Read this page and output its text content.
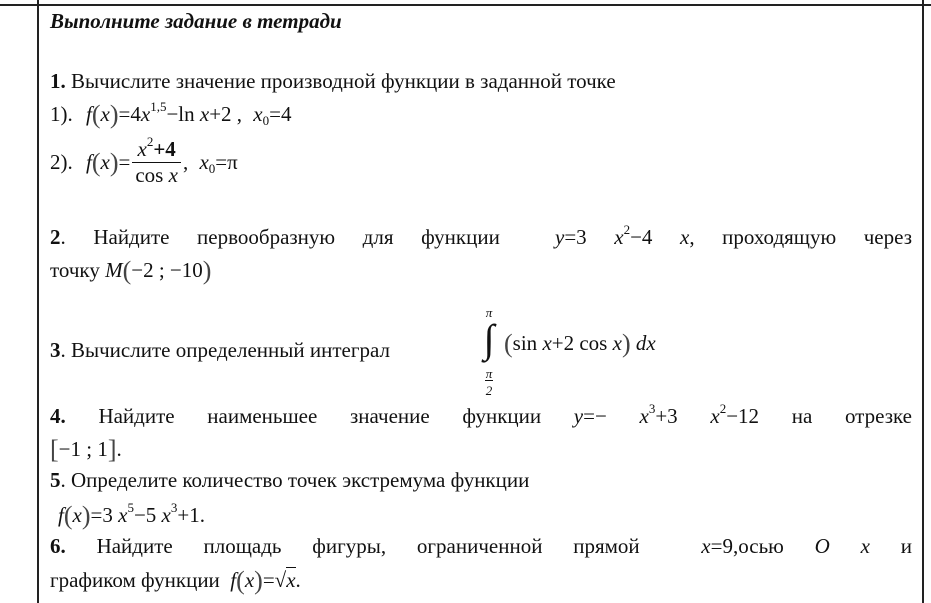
Выполните задание в тетради
1. Вычислите значение производной функции в заданной точке
1). $f(x)=4x^{1,5}-\ln$ x+2 , $x_0=4$
2). $f(x)= \frac{x^2+4}{\text{cos x}}$ , $x_0=\pi$
2. Найдите первообразную для функции	y=3 $x^2-4$ x, проходящую через
точку M(−2 ; −10)
3. Вычислите определенный интеграл
π
∫
π
2
(sin x+2 cos x) dx
4. Найдите наименьшее значение функции $y=- x^3+3$ $x^2-12$ на отрезке
[−1 ; 1].
5. Определите количество точек экстремума функции
f(x)=3 $x^5-5$ $x^3+1$.
6. Найдите площадь фигуры, ограниченной прямой	x=9,осью O x и
графиком функции f(x)=√x.
